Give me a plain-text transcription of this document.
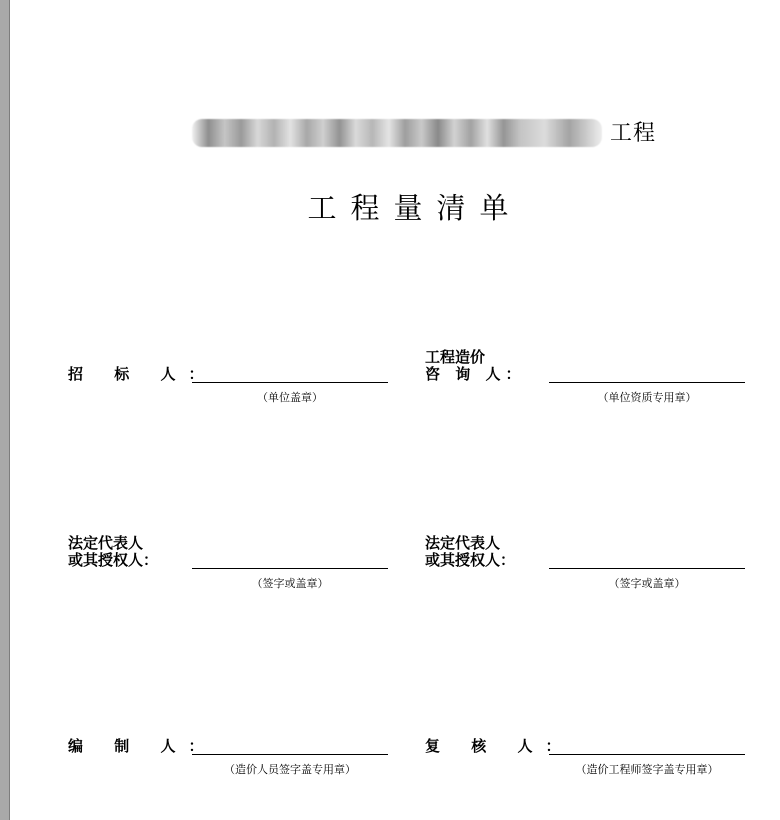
工程
工程量清单
招 标 人：
（单位盖章）
工程造价
咨 询 人：
（单位资质专用章）
法定代表人
或其授权人：
（签字或盖章）
法定代表人
或其授权人：
（签字或盖章）
编 制 人：
（造价人员签字盖专用章）
复 核 人：
（造价工程师签字盖专用章）
